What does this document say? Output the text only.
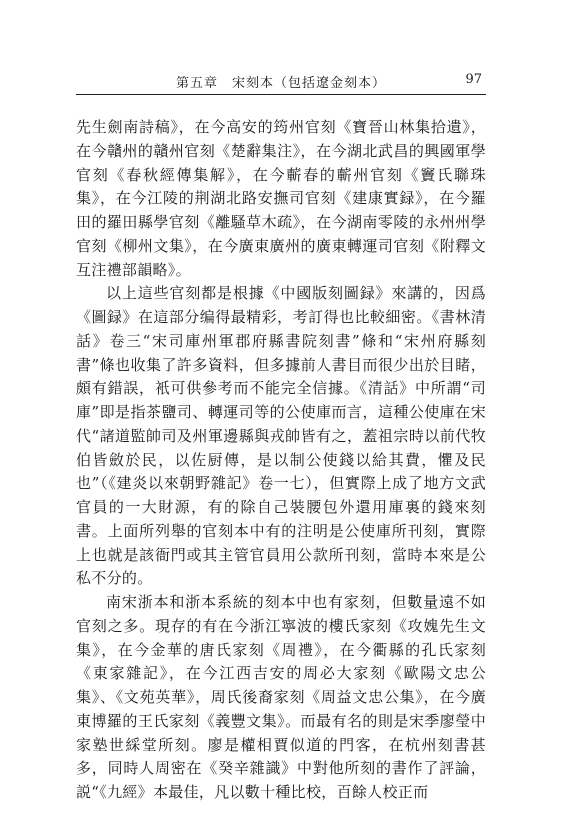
第五章　宋刻本（包括遼金刻本）	97

先生劍南詩稿》，在今高安的筠州官刻《寶晉山林集拾遺》，在今贛州的贛州官刻《楚辭集注》，在今湖北武昌的興國軍學官刻《春秋經傳集解》，在今蘄春的蘄州官刻《竇氏聯珠集》，在今江陵的荆湖北路安撫司官刻《建康實録》，在今羅田的羅田縣學官刻《離騷草木疏》，在今湖南零陵的永州州學官刻《柳州文集》，在今廣東廣州的廣東轉運司官刻《附釋文互注禮部韻略》。

以上這些官刻都是根據《中國版刻圖録》來講的，因爲《圖録》在這部分编得最精彩，考訂得也比較細密。《書林清話》卷三“宋司庫州軍郡府縣書院刻書”條和“宋州府縣刻書”條也收集了許多資料，但多據前人書目而很少出於目睹，頗有錯誤，衹可供參考而不能完全信據。《清話》中所謂“司庫”即是指茶鹽司、轉運司等的公使庫而言，這種公使庫在宋代“諸道監帥司及州軍邊縣與戎帥皆有之，蓋祖宗時以前代牧伯皆斂於民，以佐厨傳，是以制公使錢以給其費，懼及民也”（《建炎以來朝野雜記》卷一七），但實際上成了地方文武官員的一大財源，有的除自己裝腰包外還用庫裏的錢來刻書。上面所列舉的官刻本中有的注明是公使庫所刊刻，實際上也就是該衙門或其主管官員用公款所刊刻，當時本來是公私不分的。

南宋浙本和浙本系統的刻本中也有家刻，但數量遠不如官刻之多。現存的有在今浙江寧波的樓氏家刻《攻媿先生文集》，在今金華的唐氏家刻《周禮》，在今衢縣的孔氏家刻《東家雜記》，在今江西吉安的周必大家刻《歐陽文忠公集》、《文苑英華》，周氏後裔家刻《周益文忠公集》，在今廣東博羅的王氏家刻《義豐文集》。而最有名的則是宋季廖瑩中家塾世綵堂所刻。廖是權相賈似道的門客，在杭州刻書甚多，同時人周密在《癸辛雜識》中對他所刻的書作了評論，説“《九經》本最佳，凡以數十種比校，百餘人校正而
